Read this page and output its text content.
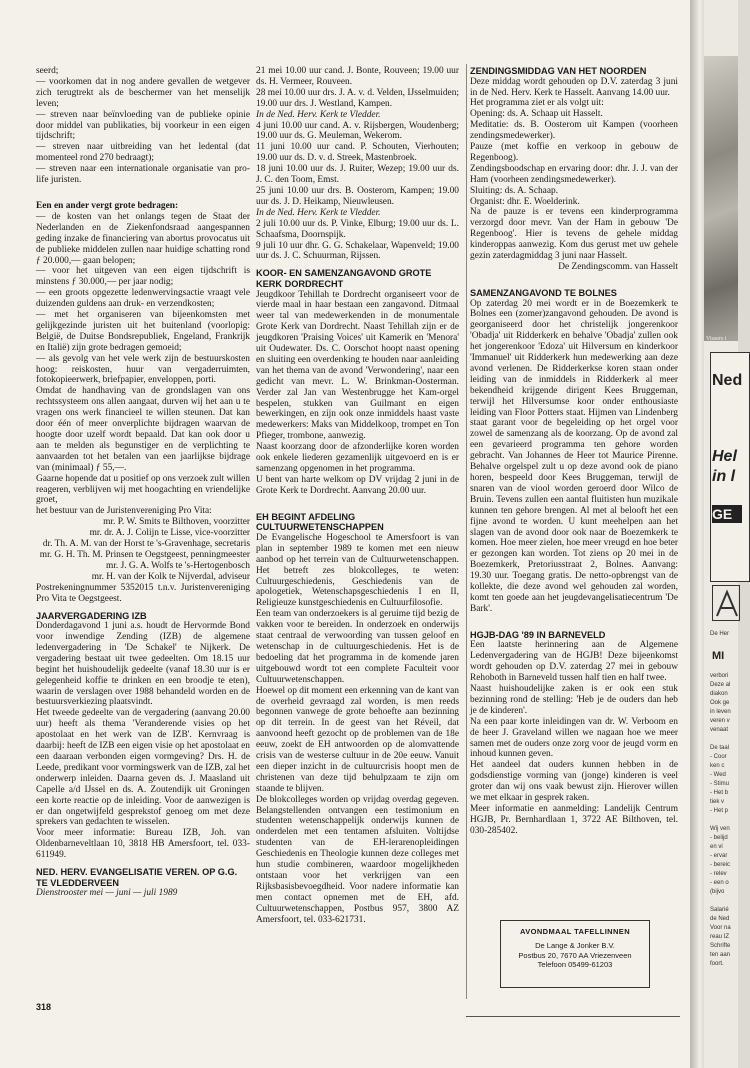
seerd;

— voorkomen dat in nog andere gevallen de wetgever zich terugtrekt als de beschermer van het menselijk leven;

— streven naar beïnvloeding van de publieke opinie door middel van publikaties, bij voorkeur in een eigen tijdschrift;

— streven naar uitbreiding van het ledental (dat momenteel rond 270 bedraagt);

— streven naar een internationale organisatie van pro-life juristen.

Een en ander vergt grote bedragen:

— de kosten van het onlangs tegen de Staat der Nederlanden en de Ziekenfondsraad aangespannen geding inzake de financiering van abortus provocatus uit de publieke middelen zullen naar huidige schatting rond ƒ 20.000,— gaan belopen;

— voor het uitgeven van een eigen tijdschrift is minstens ƒ 30.000,— per jaar nodig;

— een groots opgezette ledenwervingsactie vraagt vele duizenden guldens aan druk- en verzendkosten;

— met het organiseren van bijeenkomsten met gelijkgezinde juristen uit het buitenland (voorlopig: België, de Duitse Bondsrepubliek, Engeland, Frankrijk en Italië) zijn grote bedragen gemoeid;

— als gevolg van het vele werk zijn de bestuurskosten hoog: reiskosten, huur van vergaderruimten, fotokopieerwerk, briefpapier, enveloppen, porti.

Omdat de handhaving van de grondslagen van ons rechtssysteem ons allen aangaat, durven wij het aan u te vragen ons werk financieel te willen steunen. Dat kan door één of meer onverplichte bijdragen waarvan de hoogte door uzelf wordt bepaald. Dat kan ook door u aan te melden als begunstiger en de verplichting te aanvaarden tot het betalen van een jaarlijkse bijdrage van (minimaal) ƒ 55,—.

Gaarne hopende dat u positief op ons verzoek zult willen reageren, verblijven wij met hoogachting en vriendelijke groet,

het bestuur van de Juristenvereniging Pro Vita:

mr. P. W. Smits te Bilthoven, voorzitter

mr. dr. A. J. Colijn te Lisse, vice-voorzitter

dr. Th. A. M. van der Horst te 's-Gravenhage, secretaris

mr. G. H. Th. M. Prinsen te Oegstgeest, penningmeester

mr. J. G. A. Wolfs te 's-Hertogenbosch

mr. H. van der Kolk te Nijverdal, adviseur

Postrekeningnummer 5352015 t.n.v. Juristenvereniging Pro Vita te Oegstgeest.

JAARVERGADERING IZB

Donderdagavond 1 juni a.s. houdt de Hervormde Bond voor inwendige Zending (IZB) de algemene ledenvergadering in 'De Schakel' te Nijkerk. De vergadering bestaat uit twee gedeelten. Om 18.15 uur begint het huishoudelijk gedeelte (vanaf 18.30 uur is er gelegenheid koffie te drinken en een broodje te eten), waarin de verslagen over 1988 behandeld worden en de bestuursverkiezing plaatsvindt.

Het tweede gedeelte van de vergadering (aanvang 20.00 uur) heeft als thema 'Veranderende visies op het apostolaat en het werk van de IZB'. Kernvraag is daarbij: heeft de IZB een eigen visie op het apostolaat en een daaraan verbonden eigen vormgeving? Drs. H. de Leede, predikant voor vormingswerk van de IZB, zal het onderwerp inleiden. Daarna geven ds. J. Maasland uit Capelle a/d IJssel en ds. A. Zoutendijk uit Groningen een korte reactie op de inleiding. Voor de aanwezigen is er dan ongetwijfeld gesprekstof genoeg om met deze sprekers van gedachten te wisselen.

Voor meer informatie: Bureau IZB, Joh. van Oldenbarneveltlaan 10, 3818 HB Amersfoort, tel. 033-611949.

NED. HERV. EVANGELISATIE VEREN. OP G.G. TE VLEDDERVEEN

Dienstrooster mei — juni — juli 1989

21 mei 10.00 uur cand. J. Bonte, Rouveen; 19.00 uur ds. H. Vermeer, Rouveen.

28 mei 10.00 uur drs. J. A. v. d. Velden, IJsselmuiden; 19.00 uur drs. J. Westland, Kampen.

In de Ned. Herv. Kerk te Vledder.

4 juni 10.00 uur cand. A. v. Rijsbergen, Woudenberg; 19.00 uur ds. G. Meuleman, Wekerom.

11 juni 10.00 uur cand. P. Schouten, Vierhouten; 19.00 uur ds. D. v. d. Streek, Mastenbroek.

18 juni 10.00 uur ds. J. Ruiter, Wezep; 19.00 uur ds. J. C. den Toom, Emst.

25 juni 10.00 uur drs. B. Oosterom, Kampen; 19.00 uur ds. J. D. Heikamp, Nieuwleusen.

In de Ned. Herv. Kerk te Vledder.

2 juli 10.00 uur ds. P. Vinke, Elburg; 19.00 uur ds. L. Schaafsma, Doornspijk.

9 juli 10 uur dhr. G. G. Schakelaar, Wapenveld; 19.00 uur ds. J. C. Schuurman, Rijssen.

KOOR- EN SAMENZANGAVOND GROTE KERK DORDRECHT

Jeugdkoor Tehillah te Dordrecht organiseert voor de vierde maal in haar bestaan een zangavond. Ditmaal weer tal van medewerkenden in de monumentale Grote Kerk van Dordrecht. Naast Tehillah zijn er de jeugdkoren 'Praising Voices' uit Kamerik en 'Menora' uit Oudewater. Ds. C. Oorschot hoopt naast opening en sluiting een overdenking te houden naar aanleiding van het thema van de avond 'Verwondering', naar een gedicht van mevr. L. W. Brinkman-Oosterman. Verder zal Jan van Westenbrugge het Kam-orgel bespelen, stukken van Guilmant en eigen bewerkingen, en zijn ook onze inmiddels haast vaste medewerkers: Maks van Middelkoop, trompet en Ton Pfieger, trombone, aanwezig.

Naast koorzang door de afzonderlijke koren worden ook enkele liederen gezamenlijk uitgevoerd en is er samenzang opgenomen in het programma.

U bent van harte welkom op DV vrijdag 2 juni in de Grote Kerk te Dordrecht. Aanvang 20.00 uur.

EH BEGINT AFDELING CULTUURWETENSCHAPPEN

De Evangelische Hogeschool te Amersfoort is van plan in september 1989 te komen met een nieuw aanbod op het terrein van de Cultuurwetenschappen. Het betreft zes blokcolleges, te weten: Cultuurgeschiedenis, Geschiedenis van de apologetiek, Wetenschapsgeschiedenis I en II, Religieuze kunstgeschiedenis en Cultuurfilosofie.

Een team van onderzoekers is al geruime tijd bezig de vakken voor te bereiden. In onderzoek en onderwijs staat centraal de verwoording van tussen geloof en wetenschap in de cultuurgeschiedenis. Het is de bedoeling dat het programma in de komende jaren uitgebouwd wordt tot een complete Faculteit voor Cultuurwetenschappen.

Hoewel op dit moment een erkenning van de kant van de overheid gevraagd zal worden, is men reeds begonnen vanwege de grote behoefte aan bezinning op dit terrein. In de geest van het Réveil, dat aanvoond heeft gezocht op de problemen van de 18e eeuw, zoekt de EH antwoorden op de alomvattende crisis van de westerse cultuur in de 20e eeuw. Vanuit een dieper inzicht in de cultuurcrisis hoopt men de christenen van deze tijd behulpzaam te zijn om staande te blijven.

De blokcolleges worden op vrijdag overdag gegeven. Belangstellenden ontvangen een testimonium en studenten wetenschappelijk onderwijs kunnen de onderdelen met een tentamen afsluiten. Voltijdse studenten van de EH-lerarenopleidingen Geschiedenis en Theologie kunnen deze colleges met hun studie combineren, waardoor mogelijkheden ontstaan voor het verkrijgen van een Rijksbasisbevoegdheid. Voor nadere informatie kan men contact opnemen met de EH, afd. Cultuurwetenschappen, Postbus 957, 3800 AZ Amersfoort, tel. 033-621731.

ZENDINGSMIDDAG VAN HET NOORDEN

Deze middag wordt gehouden op D.V. zaterdag 3 juni in de Ned. Herv. Kerk te Hasselt. Aanvang 14.00 uur.

Het programma ziet er als volgt uit:

Opening: ds. A. Schaap uit Hasselt.

Meditatie: ds. B. Oosterom uit Kampen (voorheen zendingsmedewerker).

Pauze (met koffie en verkoop in gebouw de Regenboog).

Zendingsboodschap en ervaring door: dhr. J. J. van der Ham (voorheen zendingsmedewerker).

Sluiting: ds. A. Schaap.

Organist: dhr. E. Woelderink.

Na de pauze is er tevens een kinderprogramma verzorgd door mevr. Van der Ham in gebouw 'De Regenboog'. Hier is tevens de gehele middag kinderoppas aanwezig. Kom dus gerust met uw gehele gezin zaterdagmiddag 3 juni naar Hasselt.

De Zendingscomm. van Hasselt

SAMENZANGAVOND TE BOLNES

Op zaterdag 20 mei wordt er in de Boezemkerk te Bolnes een (zomer)zangavond gehouden. De avond is georganiseerd door het christelijk jongerenkoor 'Obadja' uit Ridderkerk en behalve 'Obadja' zullen ook het jongerenkoor 'Edoza' uit Hilversum en kinderkoor 'Immanuel' uit Ridderkerk hun medewerking aan deze avond verlenen. De Ridderkerkse koren staan onder leiding van de inmiddels in Ridderkerk al meer bekendheid krijgende dirigent Kees Bruggeman, terwijl het Hilversumse koor onder enthousiaste leiding van Floor Potters staat. Hijmen van Lindenberg staat garant voor de begeleiding op het orgel voor zowel de samenzang als de koorzang. Op de avond zal een gevarieerd programma ten gehore worden gebracht. Van Johannes de Heer tot Maurice Pirenne. Behalve orgelspel zult u op deze avond ook de piano horen, bespeeld door Kees Bruggeman, terwijl de snaren van de viool worden geroerd door Wilco de Bruin. Tevens zullen een aantal fluitisten hun muzikale kunnen ten gehore brengen. Al met al belooft het een fijne avond te worden. U kunt meehelpen aan het slagen van de avond door ook naar de Boezemkerk te komen. Hoe meer zielen, hoe meer vreugd en hoe beter er gezongen kan worden. Tot ziens op 20 mei in de Boezemkerk, Pretoriusstraat 2, Bolnes. Aanvang: 19.30 uur. Toegang gratis. De netto-opbrengst van de kollekte, die deze avond wel gehouden zal worden, komt ten goede aan het jeugdevangelisatiecentrum 'De Bark'.

HGJB-DAG '89 IN BARNEVELD

Een laatste herinnering aan de Algemene Ledenvergadering van de HGJB! Deze bijeenkomst wordt gehouden op D.V. zaterdag 27 mei in gebouw Rehoboth in Barneveld tussen half tien en half twee.

Naast huishoudelijke zaken is er ook een stuk bezinning rond de stelling: 'Heb je de ouders dan heb je de kinderen'.

Na een paar korte inleidingen van dr. W. Verboom en de heer J. Graveland willen we nagaan hoe we meer samen met de ouders onze zorg voor de jeugd vorm en inhoud kunnen geven.

Het aandeel dat ouders kunnen hebben in de godsdienstige vorming van (jonge) kinderen is veel groter dan wij ons vaak bewust zijn. Hierover willen we met elkaar in gesprek raken.

Meer informatie en aanmelding: Landelijk Centrum HGJB, Pr. Bernhardlaan 1, 3722 AE Bilthoven, tel. 030-285402.

AVONDMAAL TAFELLINNEN
De Lange & Jonker B.V.
Postbus 20, 7670 AA Vriezenveen
Telefoon 05499-61203
318
Vissers i
Ned
Hel
in l
GE
De Her
MI
verbori
Deze al
diakon
Ook ge
in leven
veren v
venaat
De taal
- Coor
ken c
- Wed
- Stimu
- Het b
tiek v
- Het p
Wij ven
- belijd
en vi
- ervar
- bereic
- relev
- een o
(bijvo
Salarié
de Ned
Voor na
reau IZ
Schrifte
ten aan
foort.
